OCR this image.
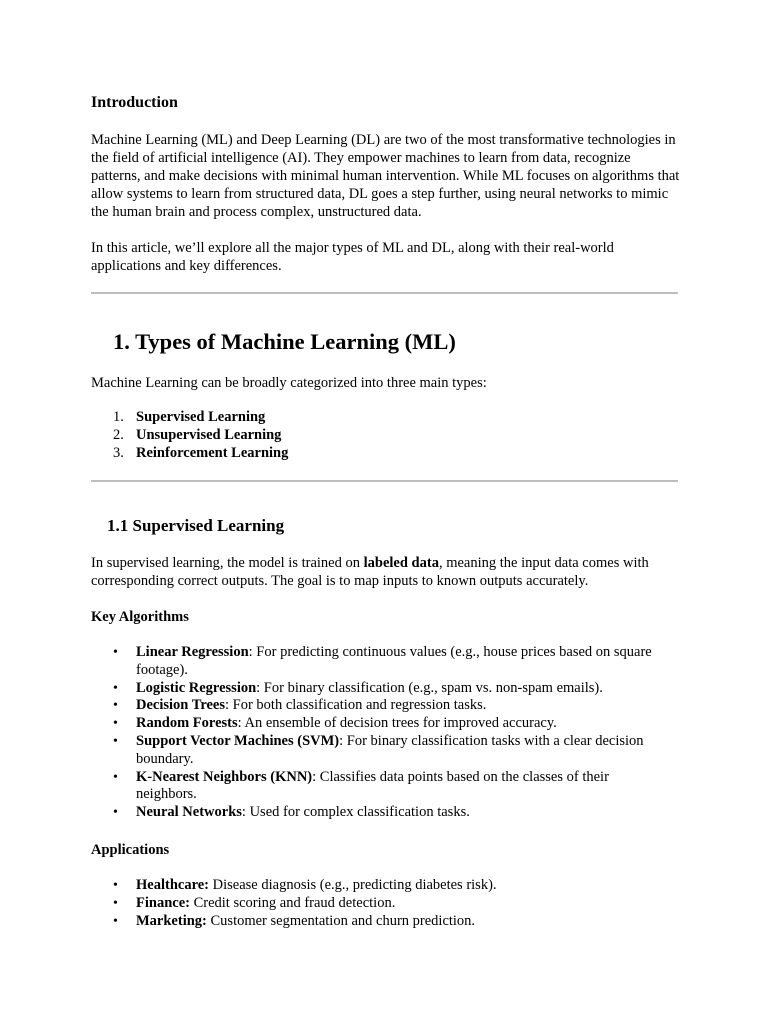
Introduction

Machine Learning (ML) and Deep Learning (DL) are two of the most transformative technologies in the field of artificial intelligence (AI). They empower machines to learn from data, recognize patterns, and make decisions with minimal human intervention. While ML focuses on algorithms that allow systems to learn from structured data, DL goes a step further, using neural networks to mimic the human brain and process complex, unstructured data.

In this article, we’ll explore all the major types of ML and DL, along with their real-world applications and key differences.

1. Types of Machine Learning (ML)

Machine Learning can be broadly categorized into three main types:

1. Supervised Learning
2. Unsupervised Learning
3. Reinforcement Learning
1.1 Supervised Learning

In supervised learning, the model is trained on labeled data, meaning the input data comes with corresponding correct outputs. The goal is to map inputs to known outputs accurately.

Key Algorithms
• Linear Regression: For predicting continuous values (e.g., house prices based on square footage).
• Logistic Regression: For binary classification (e.g., spam vs. non-spam emails).
• Decision Trees: For both classification and regression tasks.
• Random Forests: An ensemble of decision trees for improved accuracy.
• Support Vector Machines (SVM): For binary classification tasks with a clear decision boundary.
• K-Nearest Neighbors (KNN): Classifies data points based on the classes of their neighbors.
• Neural Networks: Used for complex classification tasks.
Applications
• Healthcare: Disease diagnosis (e.g., predicting diabetes risk).
• Finance: Credit scoring and fraud detection.
• Marketing: Customer segmentation and churn prediction.
